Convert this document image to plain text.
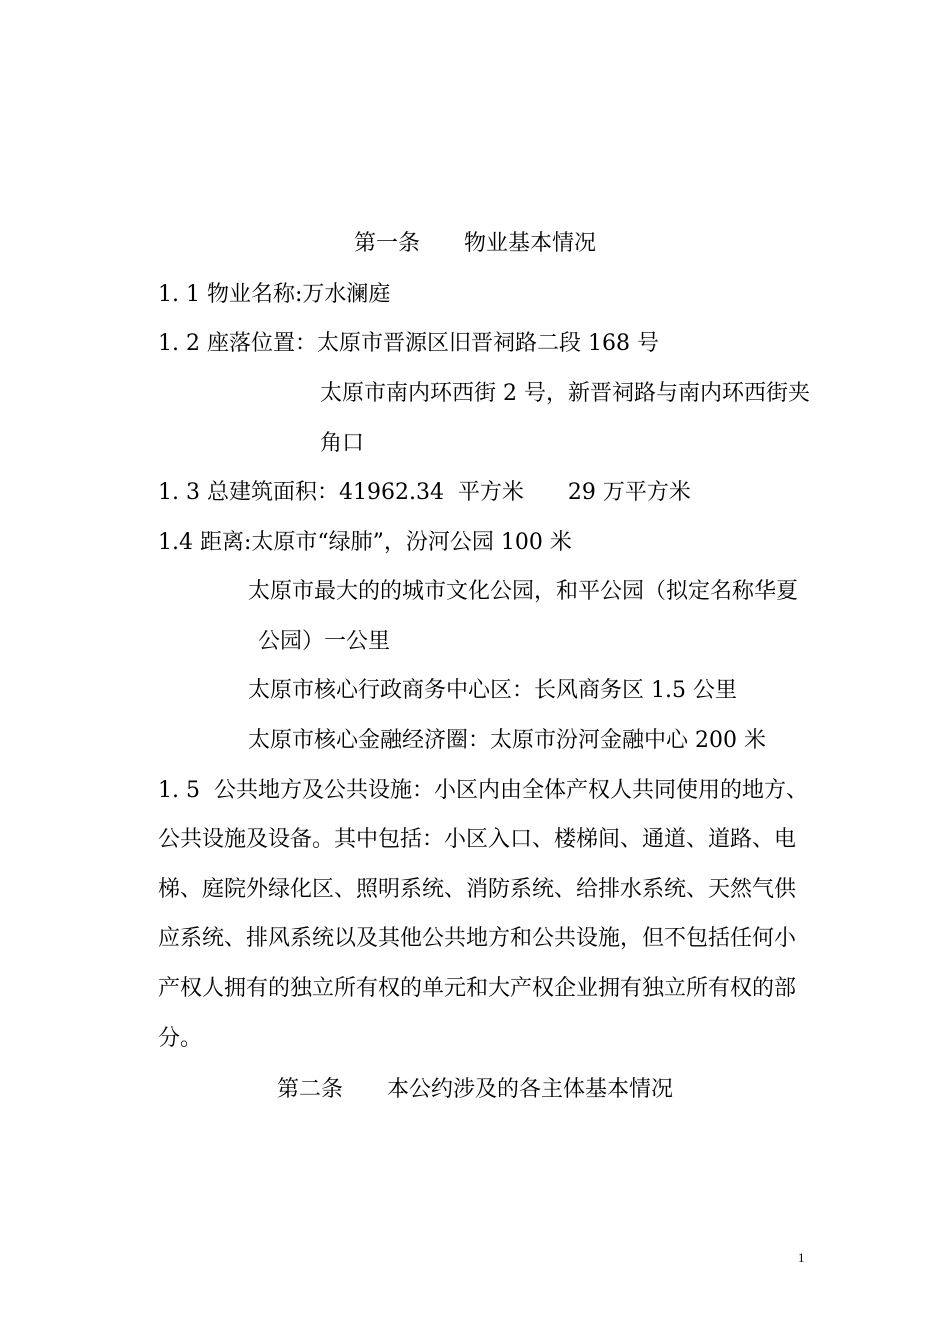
第一条　　物业基本情况
1. 1 物业名称:万水澜庭
1. 2 座落位置：太原市晋源区旧晋祠路二段 168 号
太原市南内环西街 2 号，新晋祠路与南内环西街夹
角口
1. 3 总建筑面积：41962.34  平方米　　29 万平方米
1.4 距离:太原市“绿肺”，汾河公园 100 米
太原市最大的的城市文化公园，和平公园（拟定名称华夏
公园）一公里
太原市核心行政商务中心区：长风商务区 1.5 公里
太原市核心金融经济圈：太原市汾河金融中心 200 米
1. 5  公共地方及公共设施：小区内由全体产权人共同使用的地方、
公共设施及设备。其中包括：小区入口、楼梯间、通道、道路、电
梯、庭院外绿化区、照明系统、消防系统、给排水系统、天然气供
应系统、排风系统以及其他公共地方和公共设施，但不包括任何小
产权人拥有的独立所有权的单元和大产权企业拥有独立所有权的部
分。
第二条　　本公约涉及的各主体基本情况
1
